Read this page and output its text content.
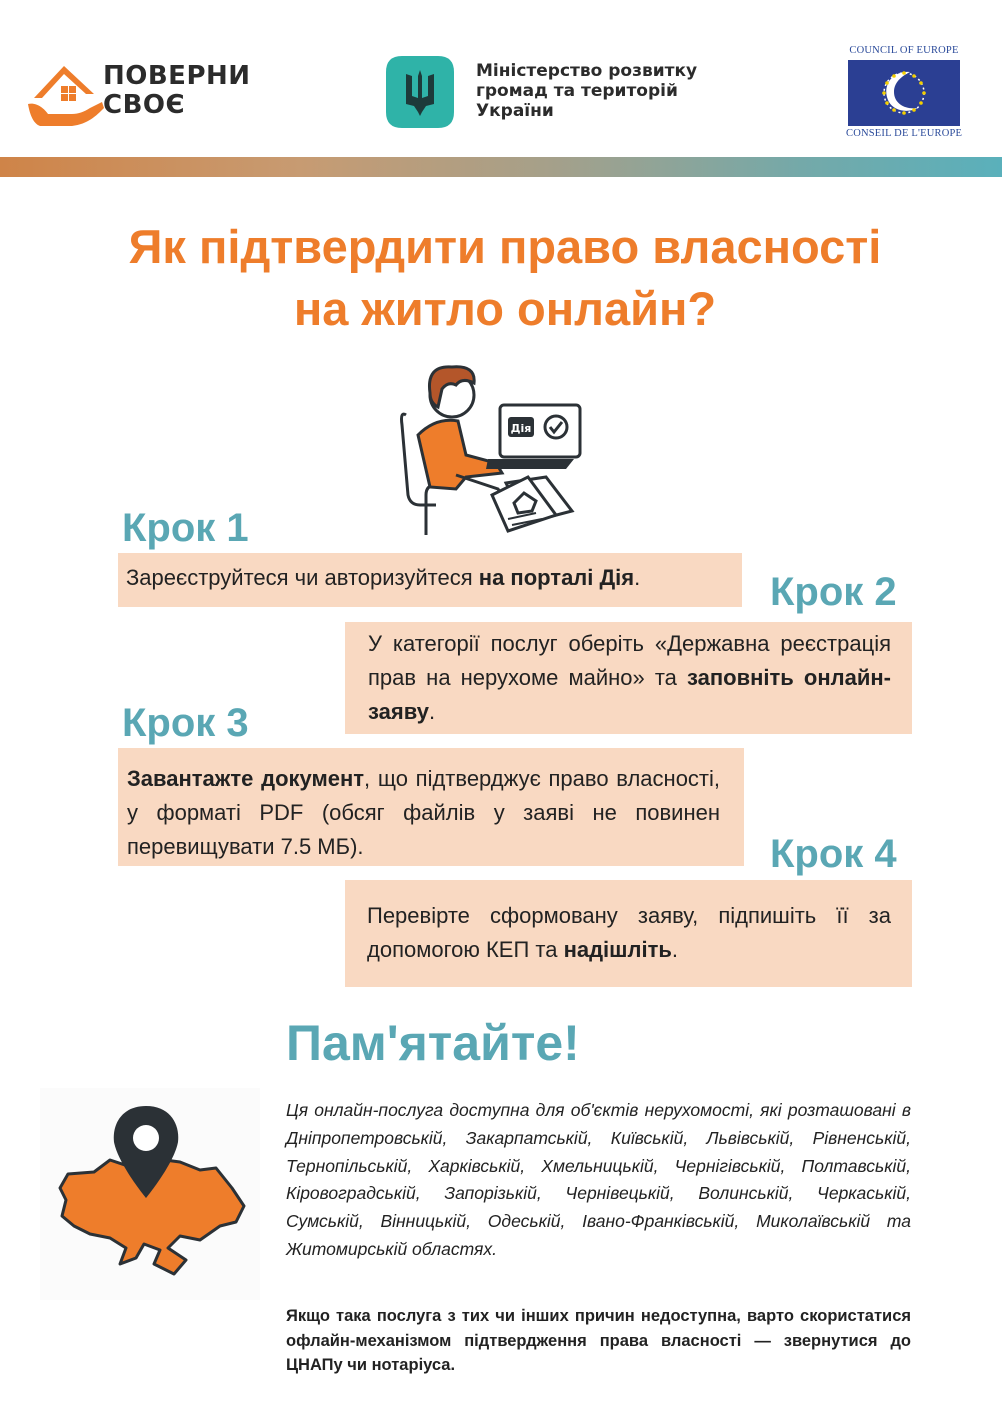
ПОВЕРНИ
СВОЄ
Міністерство розвитку
громад та територій
України
COUNCIL OF EUROPE
CONSEIL DE L'EUROPE
Як підтвердити право власності
на житло онлайн?
Дія
Крок 1
Зареєструйтеся чи авторизуйтеся на порталі Дія.	Крок 2
У категорії послуг оберіть «Державна реєстрація прав на нерухоме майно» та заповніть онлайн-заяву.
Крок 3
Завантажте документ, що підтверджує право власності, у форматі PDF (обсяг файлів у заяві не повинен перевищувати 7.5 МБ).	Крок 4
Перевірте сформовану заяву, підпишіть її за допомогою КЕП та надішліть.
Пам'ятайте!
Ця онлайн-послуга доступна для об'єктів нерухомості, які розташовані в Дніпропетровській, Закарпатській, Київській, Львівській, Рівненській, Тернопільській, Харківській, Хмельницькій, Чернігівській, Полтавській, Кіровоградській, Запорізькій, Чернівецькій, Волинській, Черкаській, Сумській, Вінницькій, Одеській, Івано-Франківській, Миколаївській та Житомирській областях.
Якщо така послуга з тих чи інших причин недоступна, варто скористатися офлайн-механізмом підтвердження права власності — звернутися до ЦНАПу чи нотаріуса.
